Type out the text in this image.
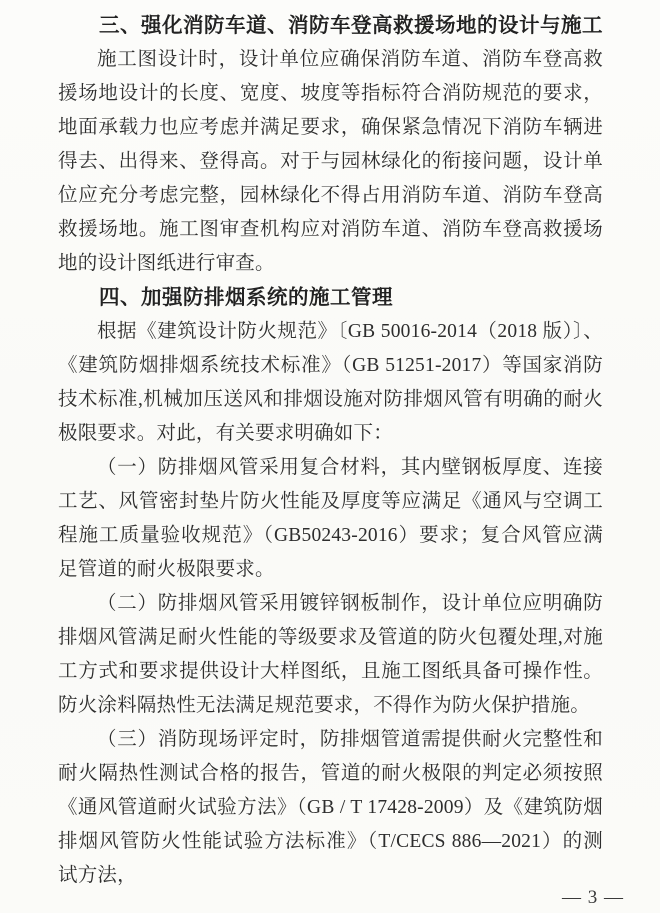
三、强化消防车道、消防车登高救援场地的设计与施工

施工图设计时，设计单位应确保消防车道、消防车登高救援场地设计的长度、宽度、坡度等指标符合消防规范的要求，地面承载力也应考虑并满足要求，确保紧急情况下消防车辆进得去、出得来、登得高。对于与园林绿化的衔接问题，设计单位应充分考虑完整，园林绿化不得占用消防车道、消防车登高救援场地。施工图审查机构应对消防车道、消防车登高救援场地的设计图纸进行审查。

四、加强防排烟系统的施工管理

根据《建筑设计防火规范》〔GB 50016-2014（2018 版）〕、《建筑防烟排烟系统技术标准》（GB 51251-2017）等国家消防技术标准,机械加压送风和排烟设施对防排烟风管有明确的耐火极限要求。对此，有关要求明确如下：

（一）防排烟风管采用复合材料，其内壁钢板厚度、连接工艺、风管密封垫片防火性能及厚度等应满足《通风与空调工程施工质量验收规范》（GB50243-2016）要求；复合风管应满足管道的耐火极限要求。

（二）防排烟风管采用镀锌钢板制作，设计单位应明确防排烟风管满足耐火性能的等级要求及管道的防火包覆处理,对施工方式和要求提供设计大样图纸，且施工图纸具备可操作性。防火涂料隔热性无法满足规范要求，不得作为防火保护措施。

（三）消防现场评定时，防排烟管道需提供耐火完整性和耐火隔热性测试合格的报告，管道的耐火极限的判定必须按照《通风管道耐火试验方法》（GB / T 17428-2009）及《建筑防烟排烟风管防火性能试验方法标准》（T/CECS 886—2021）的测试方法，

— 3 —
